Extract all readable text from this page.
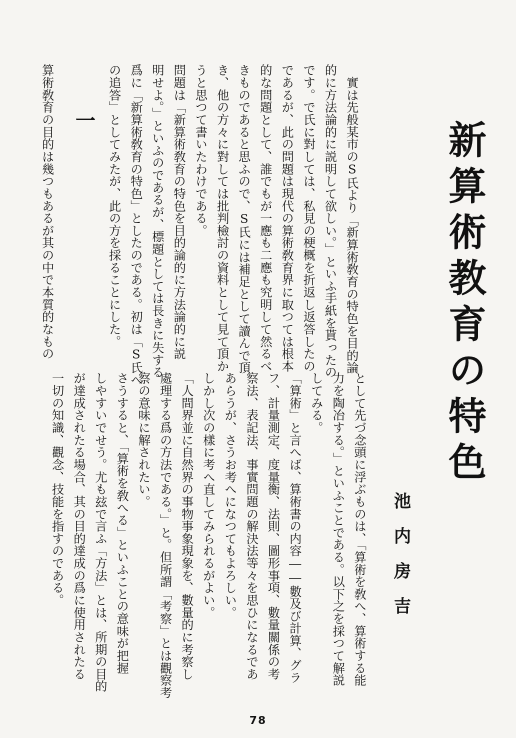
新算術教育の特色
　實は先般某市のS氏より「新算術敎育の特色を目的論
的に方法論的に説明して欲しい。」といふ手紙を貰ったの
です。で氏に對しては、私見の梗概を折返し返答したの
であるが、此の問題は現代の算術敎育界に取つては根本
的な問題として、誰でもが一應も二應も究明して然るべ
きものであると思ふので、S氏には補足として讀んで頂
き、他の方々に對しては批判檢討の資料として見て頂か
うと思つて書いたわけである。
問題は「新算術敎育の特色を目的論的に方法論的に説
明せよ。」といふのであるが、標題としては長きに失する
爲に「新算術敎育の特色」としたのである。初は「S氏へ
の追答」としてみたが、此の方を採ることにした。
一
算術敎育の目的は幾つもあるが其の中で本質的なもの
として先づ念頭に浮ぶものは、「算術を敎へ、算術する能
力を陶冶する。」といふことである。以下之を採つて解説
してみる。
「算術」と言へば、算術書の内容――數及び計算、グラ
フ、計量測定、度量衡、法則、圖形事項、數量關係の考
察法、表記法、事實問題の解決法等々を思ひになるであ
あらうが、さうお考へになつてもよろしい。
しかし次の樣に考へ直してみられるがよい。
「人間界並に自然界の事物事象現象を、數量的に考察し
處理する爲の方法である。」と。但所謂「考察」とは觀察考
察の意味に解されたい。
さうすると、「算術を敎へる」といふことの意味が把握
しやすいでせう。尤も玆で言ふ「方法」とは、所期の目的
が達成されたる場合、其の目的達成の爲に使用されたる
一切の知識、觀念、技能を指すのである。	池内房吉
78
